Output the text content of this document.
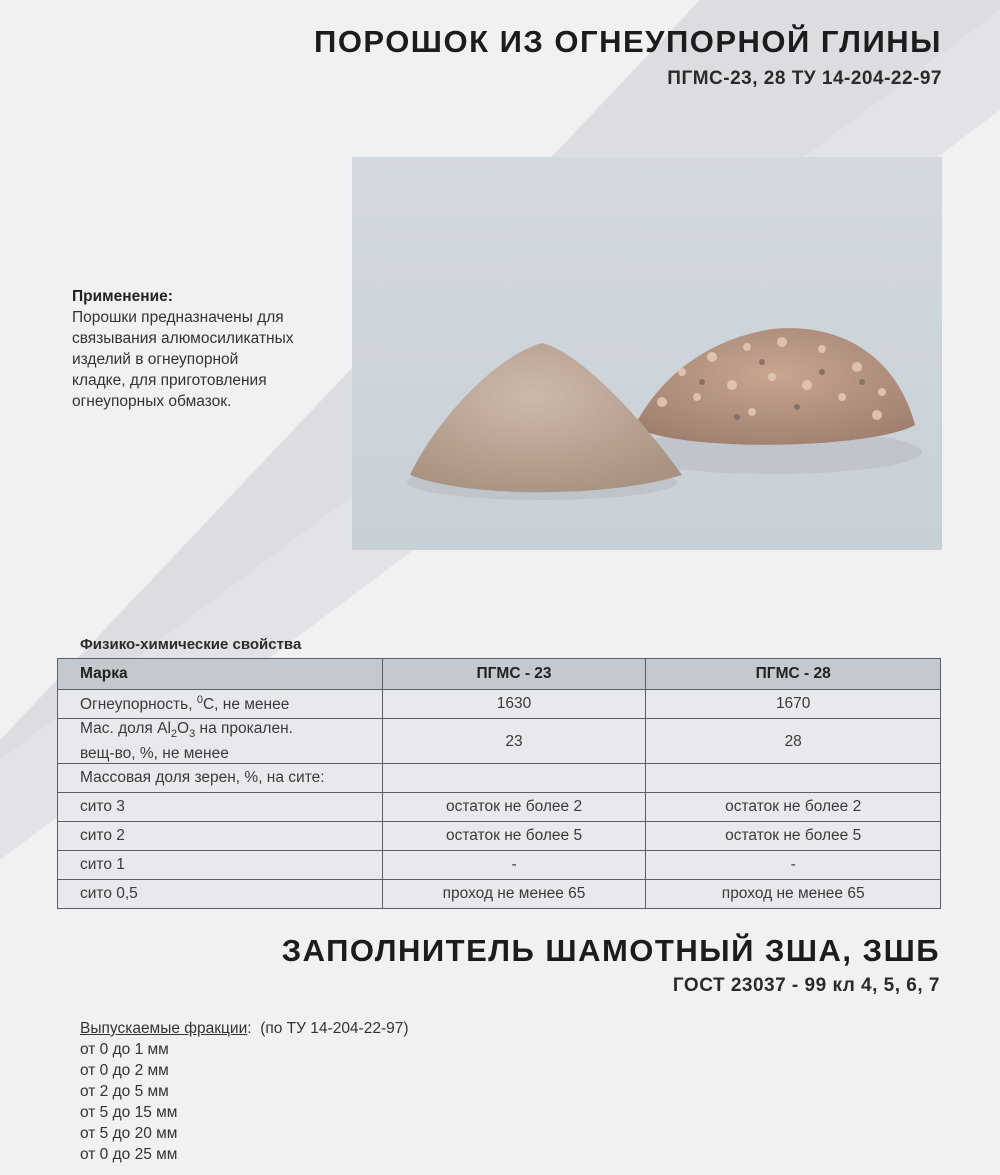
ПОРОШОК ИЗ ОГНЕУПОРНОЙ ГЛИНЫ
ПГМС-23, 28 ТУ 14-204-22-97
Применение:
Порошки предназначены для
связывания алюмосиликатных
изделий в огнеупорной
кладке, для приготовления
огнеупорных обмазок.
Физико-химические свойства
Марка	ПГМС - 23	ПГМС - 28
Огнеупорность, $^0$С, не менее	1630	1670
Мас. доля $Al_2O_3$ на прокален.
вещ-во, %, не менее	23	28
Массовая доля зерен, %, на сите:		
сито 3	остаток не более 2	остаток не более 2
сито 2	остаток не более 5	остаток не более 5
сито 1	-	-
сито 0,5	проход не менее 65	проход не менее 65
ЗАПОЛНИТЕЛЬ ШАМОТНЫЙ ЗША, ЗШБ
ГОСТ 23037 - 99 кл 4, 5, 6, 7
Выпускаемые фракции:  (по ТУ 14-204-22-97)
от 0 до 1 мм
от 0 до 2 мм
от 2 до 5 мм
от 5 до 15 мм
от 5 до 20 мм
от 0 до 25 мм
